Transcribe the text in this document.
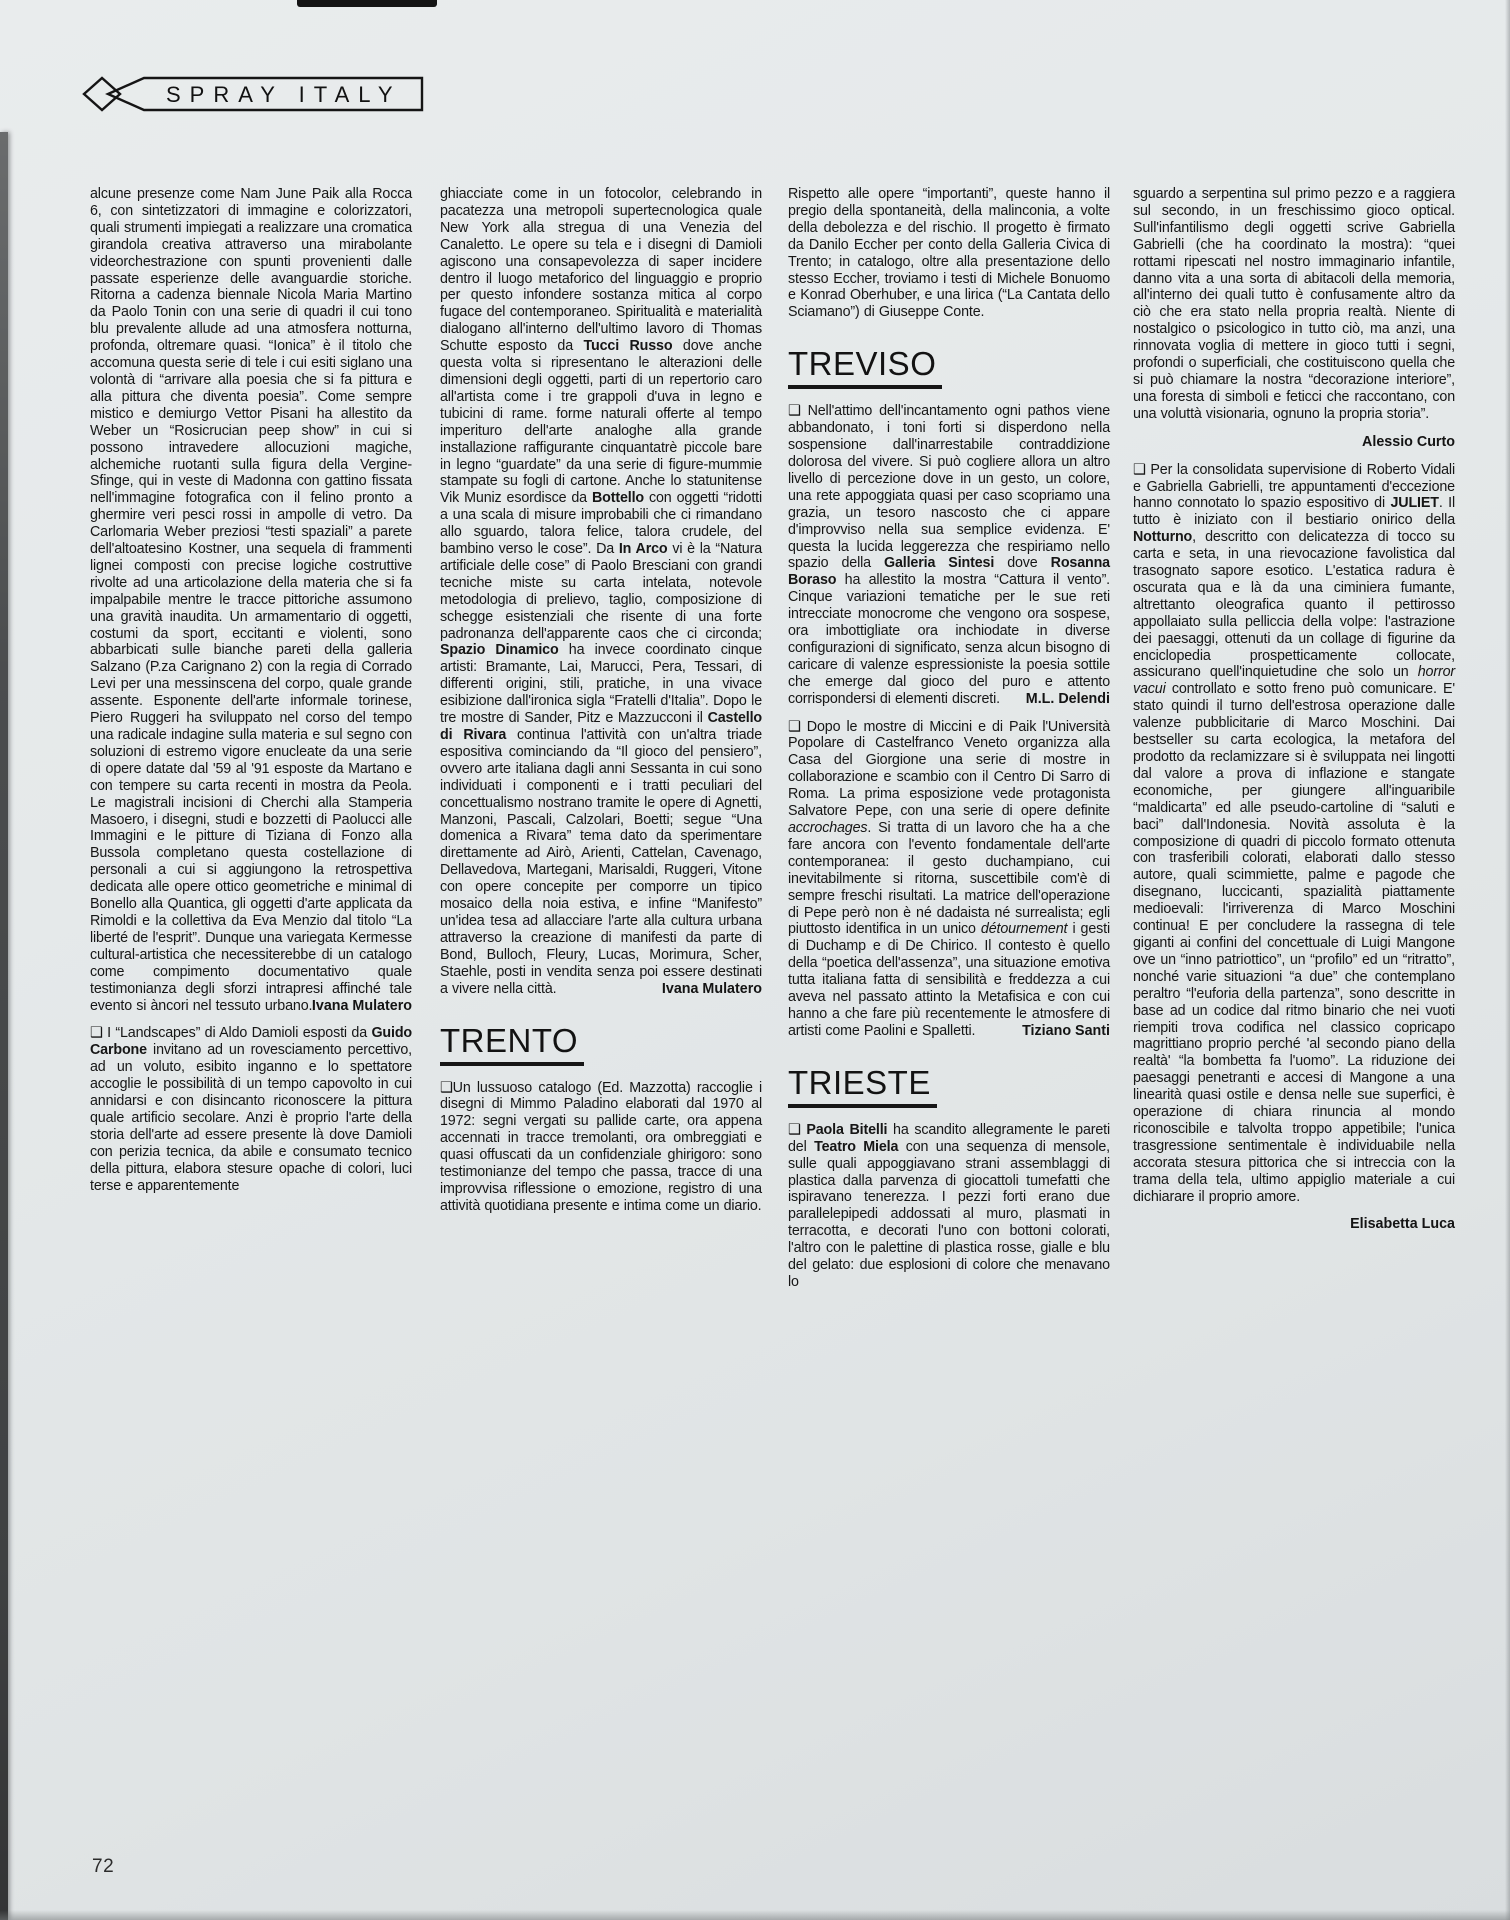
SPRAY ITALY
alcune presenze come Nam June Paik alla Rocca 6, con sintetizzatori di immagine e colorizzatori, quali strumenti impiegati a realizzare una cromatica girandola creativa attraverso una mirabolante videorchestrazione con spunti provenienti dalle passate esperienze delle avanguardie storiche. Ritorna a cadenza biennale Nicola Maria Martino da Paolo Tonin con una serie di quadri il cui tono blu prevalente allude ad una atmosfera notturna, profonda, oltremare quasi. “Ionica” è il titolo che accomuna questa serie di tele i cui esiti siglano una volontà di “arrivare alla poesia che si fa pittura e alla pittura che diventa poesia”. Come sempre mistico e demiurgo Vettor Pisani ha allestito da Weber un “Rosicrucian peep show” in cui si possono intravedere allocuzioni magiche, alchemiche ruotanti sulla figura della Vergine-Sfinge, qui in veste di Madonna con gattino fissata nell'immagine fotografica con il felino pronto a ghermire veri pesci rossi in ampolle di vetro. Da Carlomaria Weber preziosi “testi spaziali” a parete dell'altoatesino Kostner, una sequela di frammenti lignei composti con precise logiche costruttive rivolte ad una articolazione della materia che si fa impalpabile mentre le tracce pittoriche assumono una gravità inaudita. Un armamentario di oggetti, costumi da sport, eccitanti e violenti, sono abbarbicati sulle bianche pareti della galleria Salzano (P.za Carignano 2) con la regia di Corrado Levi per una messinscena del corpo, quale grande assente. Esponente dell'arte informale torinese, Piero Ruggeri ha sviluppato nel corso del tempo una radicale indagine sulla materia e sul segno con soluzioni di estremo vigore enucleate da una serie di opere datate dal '59 al '91 esposte da Martano e con tempere su carta recenti in mostra da Peola. Le magistrali incisioni di Cherchi alla Stamperia Masoero, i disegni, studi e bozzetti di Paolucci alle Immagini e le pitture di Tiziana di Fonzo alla Bussola completano questa costellazione di personali a cui si aggiungono la retrospettiva dedicata alle opere ottico geometriche e minimal di Bonello alla Quantica, gli oggetti d'arte applicata da Rimoldi e la collettiva da Eva Menzio dal titolo “La liberté de l'esprit”. Dunque una variegata Kermesse cultural-artistica che necessiterebbe di un catalogo come compimento documentativo quale testimonianza degli sforzi intrapresi affinché tale evento si àncori nel tessuto urbano. Ivana Mulatero
❑ I “Landscapes” di Aldo Damioli esposti da Guido Carbone invitano ad un rovesciamento percettivo, ad un voluto, esibito inganno e lo spettatore accoglie le possibilità di un tempo capovolto in cui annidarsi e con disincanto riconoscere la pittura quale artificio secolare. Anzi è proprio l'arte della storia dell'arte ad essere presente là dove Damioli con perizia tecnica, da abile e consumato tecnico della pittura, elabora stesure opache di colori, luci terse e apparentemente
ghiacciate come in un fotocolor, celebrando in pacatezza una metropoli supertecnologica quale New York alla stregua di una Venezia del Canaletto. Le opere su tela e i disegni di Damioli agiscono una consapevolezza di saper incidere dentro il luogo metaforico del linguaggio e proprio per questo infondere sostanza mitica al corpo fugace del contemporaneo. Spiritualità e materialità dialogano all'interno dell'ultimo lavoro di Thomas Schutte esposto da Tucci Russo dove anche questa volta si ripresentano le alterazioni delle dimensioni degli oggetti, parti di un repertorio caro all'artista come i tre grappoli d'uva in legno e tubicini di rame. forme naturali offerte al tempo imperituro dell'arte analoghe alla grande installazione raffigurante cinquantatrè piccole bare in legno “guardate” da una serie di figure-mummie stampate su fogli di cartone. Anche lo statunitense Vik Muniz esordisce da Bottello con oggetti “ridotti a una scala di misure improbabili che ci rimandano allo sguardo, talora felice, talora crudele, del bambino verso le cose”. Da In Arco vi è la “Natura artificiale delle cose” di Paolo Bresciani con grandi tecniche miste su carta intelata, notevole metodologia di prelievo, taglio, composizione di schegge esistenziali che risente di una forte padronanza dell'apparente caos che ci circonda; Spazio Dinamico ha invece coordinato cinque artisti: Bramante, Lai, Marucci, Pera, Tessari, di differenti origini, stili, pratiche, in una vivace esibizione dall'ironica sigla “Fratelli d'Italia”. Dopo le tre mostre di Sander, Pitz e Mazzucconi il Castello di Rivara continua l'attività con un'altra triade espositiva cominciando da “Il gioco del pensiero”, ovvero arte italiana dagli anni Sessanta in cui sono individuati i componenti e i tratti peculiari del concettualismo nostrano tramite le opere di Agnetti, Manzoni, Pascali, Calzolari, Boetti; segue “Una domenica a Rivara” tema dato da sperimentare direttamente ad Airò, Arienti, Cattelan, Cavenago, Dellavedova, Martegani, Marisaldi, Ruggeri, Vitone con opere concepite per comporre un tipico mosaico della noia estiva, e infine “Manifesto” un'idea tesa ad allacciare l'arte alla cultura urbana attraverso la creazione di manifesti da parte di Bond, Bulloch, Fleury, Lucas, Morimura, Scher, Staehle, posti in vendita senza poi essere destinati a vivere nella città.	Ivana Mulatero
TRENTO
❑Un lussuoso catalogo (Ed. Mazzotta) raccoglie i disegni di Mimmo Paladino elaborati dal 1970 al 1972: segni vergati su pallide carte, ora appena accennati in tracce tremolanti, ora ombreggiati e quasi offuscati da un confidenziale ghirigoro: sono testimonianze del tempo che passa, tracce di una improvvisa riflessione o emozione, registro di una attività quotidiana presente e intima come un diario.
Rispetto alle opere “importanti”, queste hanno il pregio della spontaneità, della malinconia, a volte della debolezza e del rischio. Il progetto è firmato da Danilo Eccher per conto della Galleria Civica di Trento; in catalogo, oltre alla presentazione dello stesso Eccher, troviamo i testi di Michele Bonuomo e Konrad Oberhuber, e una lirica (“La Cantata dello Sciamano”) di Giuseppe Conte.
TREVISO
❑ Nell'attimo dell'incantamento ogni pathos viene abbandonato, i toni forti si disperdono nella sospensione dall'inarrestabile contraddizione dolorosa del vivere. Si può cogliere allora un altro livello di percezione dove in un gesto, un colore, una rete appoggiata quasi per caso scopriamo una grazia, un tesoro nascosto che ci appare d'improvviso nella sua semplice evidenza. E' questa la lucida leggerezza che respiriamo nello spazio della Galleria Sintesi dove Rosanna Boraso ha allestito la mostra “Cattura il vento”. Cinque variazioni tematiche per le sue reti intrecciate monocrome che vengono ora sospese, ora imbottigliate ora inchiodate in diverse configurazioni di significato, senza alcun bisogno di caricare di valenze espressioniste la poesia sottile che emerge dal gioco del puro e attento corrispondersi di elementi discreti.	M.L. Delendi
❑ Dopo le mostre di Miccini e di Paik l'Università Popolare di Castelfranco Veneto organizza alla Casa del Giorgione una serie di mostre in collaborazione e scambio con il Centro Di Sarro di Roma. La prima esposizione vede protagonista Salvatore Pepe, con una serie di opere definite accrochages. Si tratta di un lavoro che ha a che fare ancora con l'evento fondamentale dell'arte contemporanea: il gesto duchampiano, cui inevitabilmente si ritorna, suscettibile com'è di sempre freschi risultati. La matrice dell'operazione di Pepe però non è né dadaista né surrealista; egli piuttosto identifica in un unico détournement i gesti di Duchamp e di De Chirico. Il contesto è quello della “poetica dell'assenza”, una situazione emotiva tutta italiana fatta di sensibilità e freddezza a cui aveva nel passato attinto la Metafisica e con cui hanno a che fare più recentemente le atmosfere di artisti come Paolini e Spalletti.	Tiziano Santi
TRIESTE
❑ Paola Bitelli ha scandito allegramente le pareti del Teatro Miela con una sequenza di mensole, sulle quali appoggiavano strani assemblaggi di plastica dalla parvenza di giocattoli tumefatti che ispiravano tenerezza. I pezzi forti erano due parallelepipedi addossati al muro, plasmati in terracotta, e decorati l'uno con bottoni colorati, l'altro con le palettine di plastica rosse, gialle e blu del gelato: due esplosioni di colore che menavano lo
sguardo a serpentina sul primo pezzo e a raggiera sul secondo, in un freschissimo gioco optical. Sull'infantilismo degli oggetti scrive Gabriella Gabrielli (che ha coordinato la mostra): “quei rottami ripescati nel nostro immaginario infantile, danno vita a una sorta di abitacoli della memoria, all'interno dei quali tutto è confusamente altro da ciò che era stato nella propria realtà. Niente di nostalgico o psicologico in tutto ciò, ma anzi, una rinnovata voglia di mettere in gioco tutti i segni, profondi o superficiali, che costituiscono quella che si può chiamare la nostra “decorazione interiore”, una foresta di simboli e feticci che raccontano, con una voluttà visionaria, ognuno la propria storia”.
Alessio Curto
❑ Per la consolidata supervisione di Roberto Vidali e Gabriella Gabrielli, tre appuntamenti d'eccezione hanno connotato lo spazio espositivo di JULIET. Il tutto è iniziato con il bestiario onirico della Notturno, descritto con delicatezza di tocco su carta e seta, in una rievocazione favolistica dal trasognato sapore esotico. L'estatica radura è oscurata qua e là da una ciminiera fumante, altrettanto oleografica quanto il pettirosso appollaiato sulla pelliccia della volpe: l'astrazione dei paesaggi, ottenuti da un collage di figurine da enciclopedia prospetticamente collocate, assicurano quell'inquietudine che solo un horror vacui controllato e sotto freno può comunicare. E' stato quindi il turno dell'estrosa operazione dalle valenze pubblicitarie di Marco Moschini. Dai bestseller su carta ecologica, la metafora del prodotto da reclamizzare si è sviluppata nei lingotti dal valore a prova di inflazione e stangate economiche, per giungere all'inguaribile “maldicarta” ed alle pseudo-cartoline di “saluti e baci” dall'Indonesia. Novità assoluta è la composizione di quadri di piccolo formato ottenuta con trasferibili colorati, elaborati dallo stesso autore, quali scimmiette, palme e pagode che disegnano, luccicanti, spazialità piattamente medioevali: l'irriverenza di Marco Moschini continua! E per concludere la rassegna di tele giganti ai confini del concettuale di Luigi Mangone ove un “inno patriottico”, un “profilo” ed un “ritratto”, nonché varie situazioni “a due” che contemplano peraltro “l'euforia della partenza”, sono descritte in base ad un codice dal ritmo binario che nei vuoti riempiti trova codifica nel classico copricapo magrittiano proprio perché 'al secondo piano della realtà' “la bombetta fa l'uomo”. La riduzione dei paesaggi penetranti e accesi di Mangone a una linearità quasi ostile e densa nelle sue superfici, è operazione di chiara rinuncia al mondo riconoscibile e talvolta troppo appetibile; l'unica trasgressione sentimentale è individuabile nella accorata stesura pittorica che si intreccia con la trama della tela, ultimo appiglio materiale a cui dichiarare il proprio amore.
Elisabetta Luca
72
